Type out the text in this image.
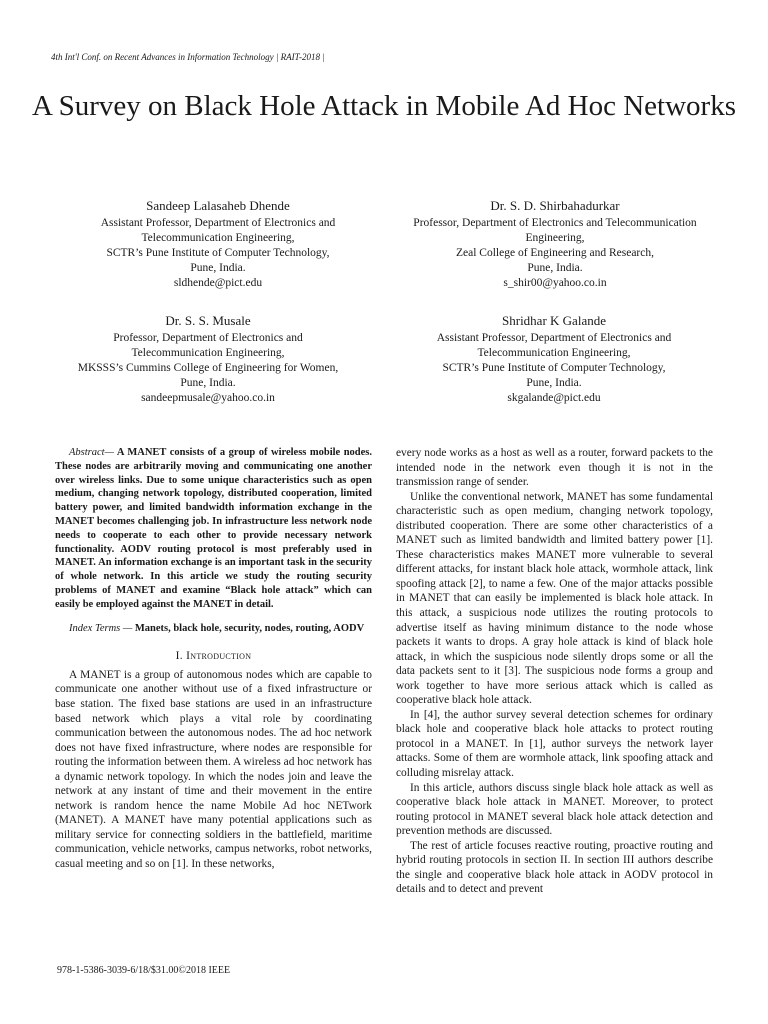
4th Int'l Conf. on Recent Advances in Information Technology | RAIT-2018 |
A Survey on Black Hole Attack in Mobile Ad Hoc Networks
Sandeep Lalasaheb Dhende
Assistant Professor, Department of Electronics and
Telecommunication Engineering,
SCTR’s Pune Institute of Computer Technology,
Pune, India.
sldhende@pict.edu
Dr. S. D. Shirbahadurkar
Professor, Department of Electronics and Telecommunication
Engineering,
Zeal College of Engineering and Research,
Pune, India.
s_shir00@yahoo.co.in
Dr. S. S. Musale
Professor, Department of Electronics and
Telecommunication Engineering,
MKSSS’s Cummins College of Engineering for Women,
Pune, India.
sandeepmusale@yahoo.co.in
Shridhar K Galande
Assistant Professor, Department of Electronics and
Telecommunication Engineering,
SCTR’s Pune Institute of Computer Technology,
Pune, India.
skgalande@pict.edu

Abstract— A MANET consists of a group of wireless mobile nodes. These nodes are arbitrarily moving and communicating one another over wireless links. Due to some unique characteristics such as open medium, changing network topology, distributed cooperation, limited battery power, and limited bandwidth information exchange in the MANET becomes challenging job. In infrastructure less network node needs to cooperate to each other to provide necessary network functionality. AODV routing protocol is most preferably used in MANET. An information exchange is an important task in the security of whole network. In this article we study the routing security problems of MANET and examine “Black hole attack” which can easily be employed against the MANET in detail.

Index Terms — Manets, black hole, security, nodes, routing, AODV

I. Introduction

A MANET is a group of autonomous nodes which are capable to communicate one another without use of a fixed infrastructure or base station. The fixed base stations are used in an infrastructure based network which plays a vital role by coordinating communication between the autonomous nodes. The ad hoc network does not have fixed infrastructure, where nodes are responsible for routing the information between them. A wireless ad hoc network has a dynamic network topology. In which the nodes join and leave the network at any instant of time and their movement in the entire network is random hence the name Mobile Ad hoc NETwork (MANET). A MANET have many potential applications such as military service for connecting soldiers in the battlefield, maritime communication, vehicle networks, campus networks, robot networks, casual meeting and so on [1]. In these networks,

every node works as a host as well as a router, forward packets to the intended node in the network even though it is not in the transmission range of sender.

Unlike the conventional network, MANET has some fundamental characteristic such as open medium, changing network topology, distributed cooperation. There are some other characteristics of a MANET such as limited bandwidth and limited battery power [1]. These characteristics makes MANET more vulnerable to several different attacks, for instant black hole attack, wormhole attack, link spoofing attack [2], to name a few. One of the major attacks possible in MANET that can easily be implemented is black hole attack. In this attack, a suspicious node utilizes the routing protocols to advertise itself as having minimum distance to the node whose packets it wants to drops. A gray hole attack is kind of black hole attack, in which the suspicious node silently drops some or all the data packets sent to it [3]. The suspicious node forms a group and work together to have more serious attack which is called as cooperative black hole attack.

In [4], the author survey several detection schemes for ordinary black hole and cooperative black hole attacks to protect routing protocol in a MANET. In [1], author surveys the network layer attacks. Some of them are wormhole attack, link spoofing attack and colluding misrelay attack.

In this article, authors discuss single black hole attack as well as cooperative black hole attack in MANET. Moreover, to protect routing protocol in MANET several black hole attack detection and prevention methods are discussed.

The rest of article focuses reactive routing, proactive routing and hybrid routing protocols in section II. In section III authors describe the single and cooperative black hole attack in AODV protocol in details and to detect and prevent

978-1-5386-3039-6/18/$31.00©2018 IEEE
